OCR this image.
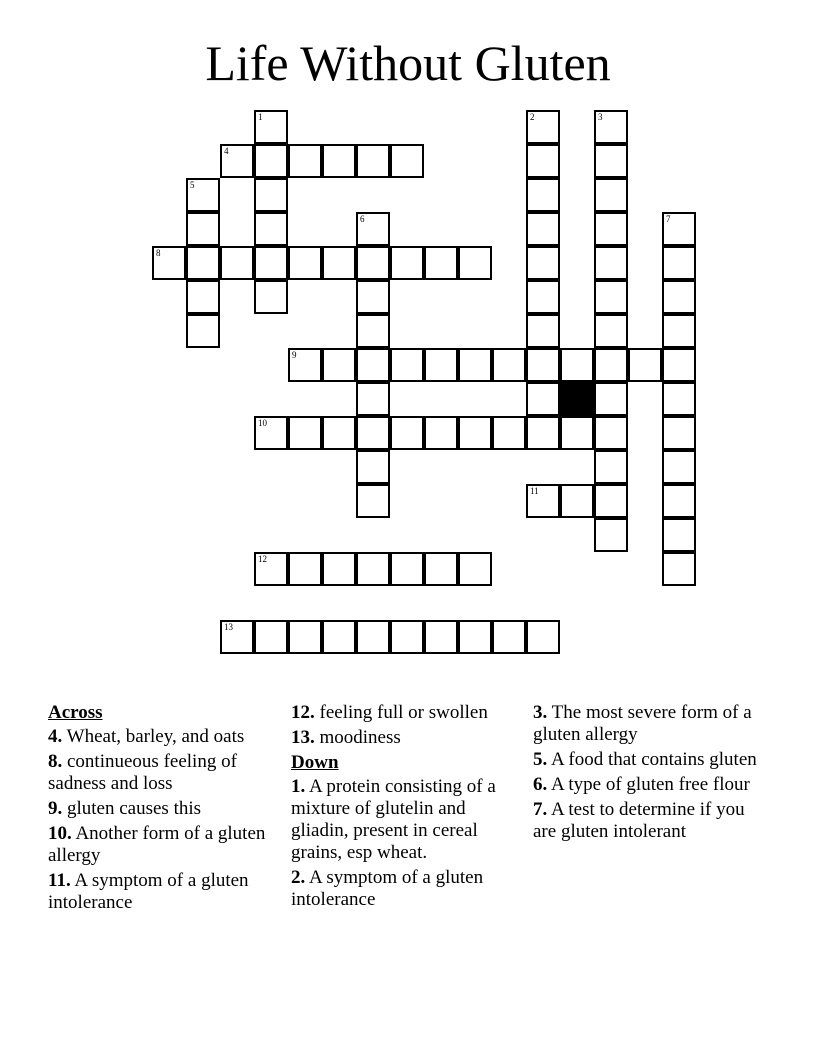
Life Without Gluten
1	2	3
4
5
6	7
8
9
10
11
12
13
Across
4. Wheat, barley, and oats
8. continueous feeling of sadness and loss
9. gluten causes this
10. Another form of a gluten allergy
11. A symptom of a gluten intolerance
12. feeling full or swollen
13. moodiness
Down
1. A protein consisting of a mixture of glutelin and gliadin, present in cereal grains, esp wheat.
2. A symptom of a gluten intolerance
3. The most severe form of a gluten allergy
5. A food that contains gluten
6. A type of gluten free flour
7. A test to determine if you are gluten intolerant
